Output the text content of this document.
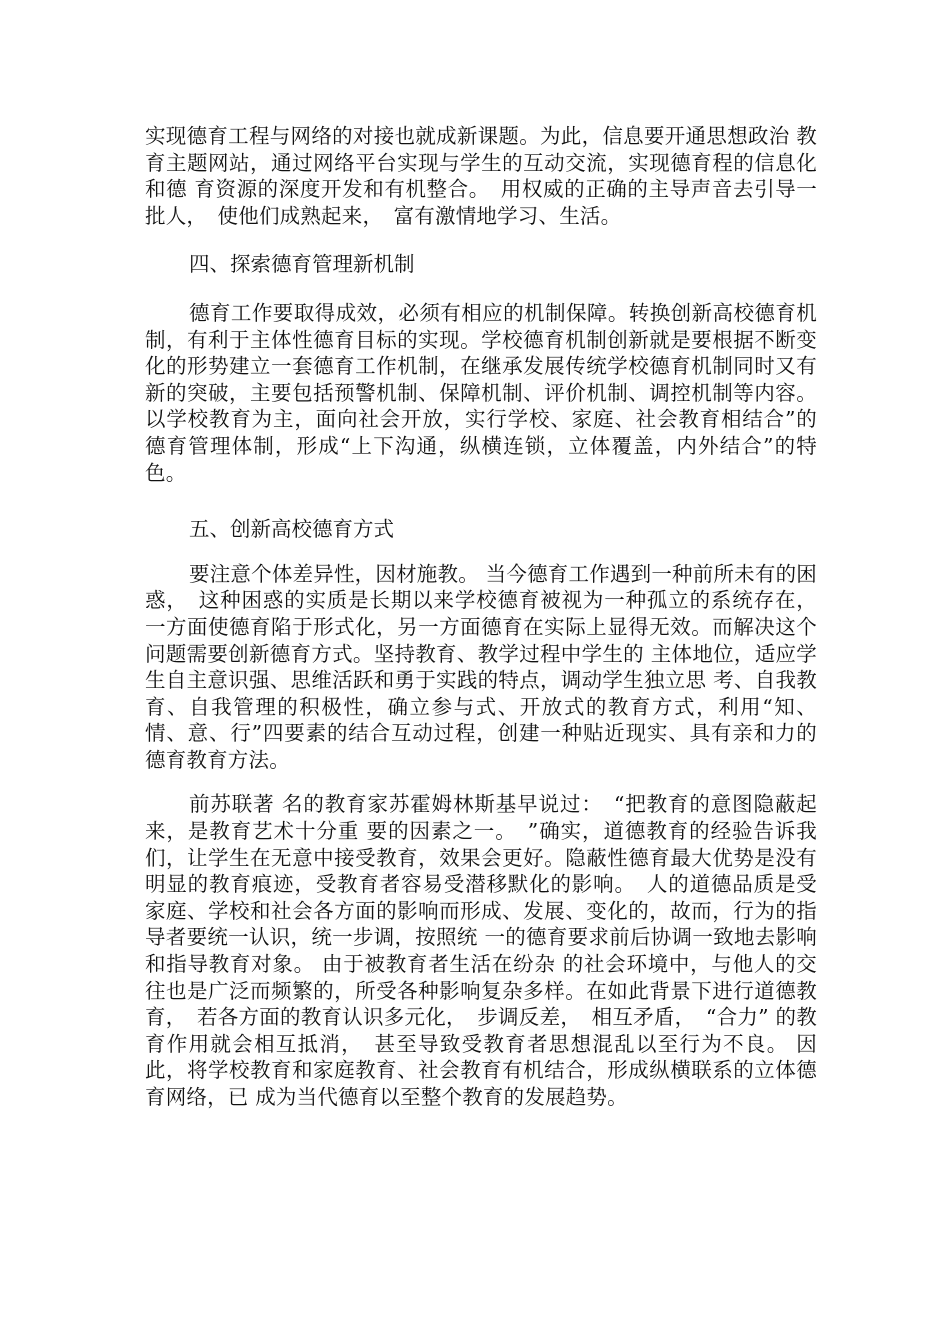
实现德育工程与网络的对接也就成新课题。为此，信息要开通思想政治 教育主题网站，通过网络平台实现与学生的互动交流，实现德育程的信息化和德 育资源的深度开发和有机整合。　用权威的正确的主导声音去引导一批人，　使他们成熟起来，　富有激情地学习、生活。

四、探索德育管理新机制

德育工作要取得成效，必须有相应的机制保障。转换创新高校德育机制，有利于主体性德育目标的实现。学校德育机制创新就是要根据不断变化的形势建立一套德育工作机制，在继承发展传统学校德育机制同时又有新的突破，主要包括预警机制、保障机制、评价机制、调控机制等内容。以学校教育为主，面向社会开放，实行学校、家庭、社会教育相结合”的德育管理体制，形成“上下沟通，纵横连锁，立体覆盖，内外结合”的特色。

五、创新高校德育方式

要注意个体差异性，因材施教。 当今德育工作遇到一种前所未有的困惑，　这种困惑的实质是长期以来学校德育被视为一种孤立的系统存在，一方面使德育陷于形式化，另一方面德育在实际上显得无效。而解决这个问题需要创新德育方式。坚持教育、教学过程中学生的 主体地位，适应学生自主意识强、思维活跃和勇于实践的特点，调动学生独立思 考、自我教育、自我管理的积极性，确立参与式、开放式的教育方式，利用“知、 情、意、行”四要素的结合互动过程，创建一种贴近现实、具有亲和力的德育教育方法。

前苏联著 名的教育家苏霍姆林斯基早说过：　“把教育的意图隐蔽起来，是教育艺术十分重 要的因素之一。　”确实，道德教育的经验告诉我们，让学生在无意中接受教育，效果会更好。隐蔽性德育最大优势是没有明显的教育痕迹，受教育者容易受潜移默化的影响。　人的道德品质是受家庭、学校和社会各方面的影响而形成、发展、变化的，故而，行为的指导者要统一认识，统一步调，按照统 一的德育要求前后协调一致地去影响和指导教育对象。 由于被教育者生活在纷杂 的社会环境中，与他人的交往也是广泛而频繁的，所受各种影响复杂多样。在如此背景下进行道德教育，　若各方面的教育认识多元化，　步调反差，　相互矛盾，　“合力” 的教育作用就会相互抵消，　甚至导致受教育者思想混乱以至行为不良。 因此，将学校教育和家庭教育、社会教育有机结合，形成纵横联系的立体德育网络，已 成为当代德育以至整个教育的发展趋势。
